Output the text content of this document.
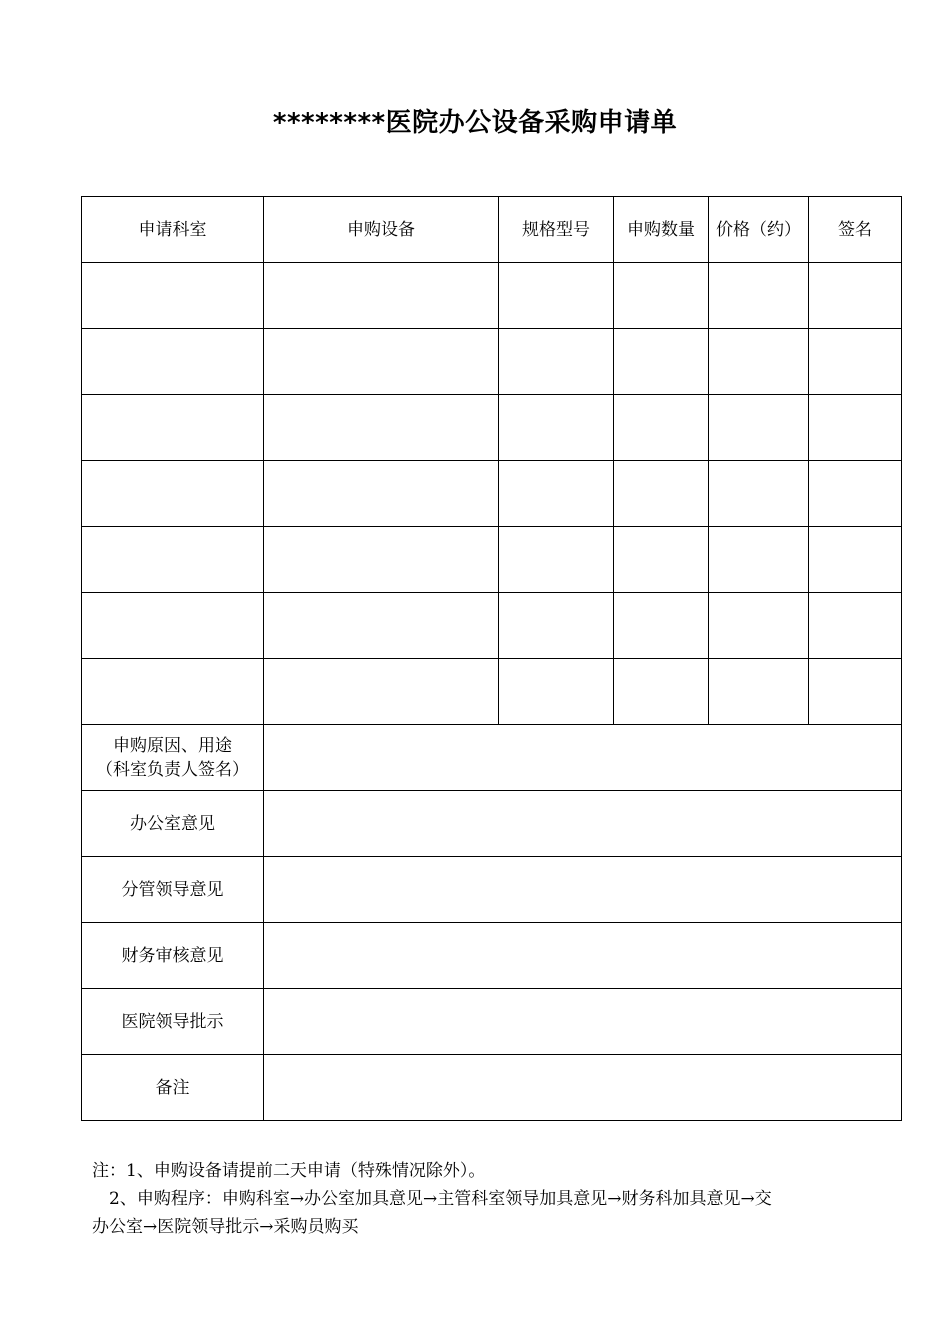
********医院办公设备采购申请单
申请科室	申购设备	规格型号	申购数量	价格（约）	签名

申购原因、用途
（科室负责人签名）					

办公室意见					

分管领导意见					

财务审核意见					

医院领导批示					

备注					

注：1、申购设备请提前二天申请（特殊情况除外）。
2、申购程序：申购科室→办公室加具意见→主管科室领导加具意见→财务科加具意见→交
办公室→医院领导批示→采购员购买
